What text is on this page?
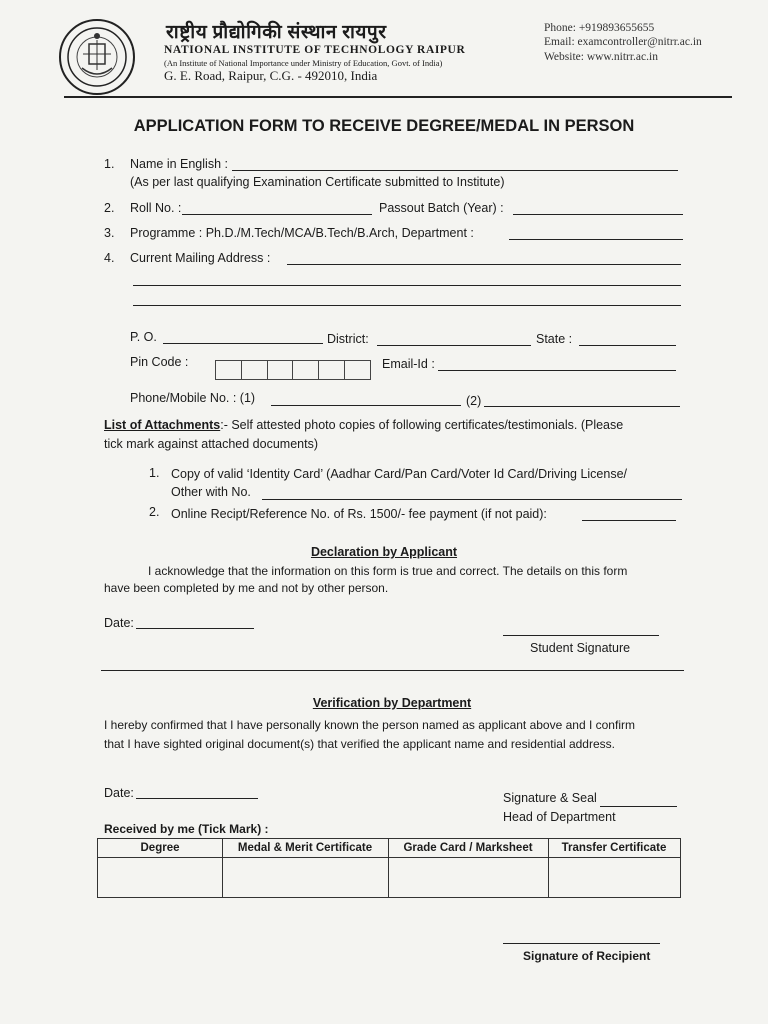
राष्ट्रीय प्रौद्योगिकी संस्थान रायपुर
NATIONAL INSTITUTE OF TECHNOLOGY RAIPUR
(An Institute of National Importance under Ministry of Education, Govt. of India)
G. E. Road, Raipur, C.G. - 492010, India
Phone: +919893655655
Email: examcontroller@nitrr.ac.in
Website: www.nitrr.ac.in
APPLICATION FORM TO RECEIVE DEGREE/MEDAL IN PERSON
1. Name in English :
(As per last qualifying Examination Certificate submitted to Institute)
2. Roll No. :	Passout Batch (Year) :
3. Programme : Ph.D./M.Tech/MCA/B.Tech/B.Arch, Department :
4. Current Mailing Address :
P. O.	District:	State :
Pin Code :	Email-Id :
Phone/Mobile No. : (1)	(2)
List of Attachments:- Self attested photo copies of following certificates/testimonials. (Please
tick mark against attached documents)
1. Copy of valid ‘Identity Card’ (Aadhar Card/Pan Card/Voter Id Card/Driving License/
Other with No.
2. Online Recipt/Reference No. of Rs. 1500/- fee payment (if not paid):
Declaration by Applicant
I acknowledge that the information on this form is true and correct. The details on this form
have been completed by me and not by other person.
Date:
Student Signature
Verification by Department
I hereby confirmed that I have personally known the person named as applicant above and I confirm
that I have sighted original document(s) that verified the applicant name and residential address.
Date:	Signature & Seal
Head of Department
Received by me (Tick Mark) :
Degree	Medal & Merit Certificate	Grade Card / Marksheet	Transfer Certificate
Signature of Recipient
